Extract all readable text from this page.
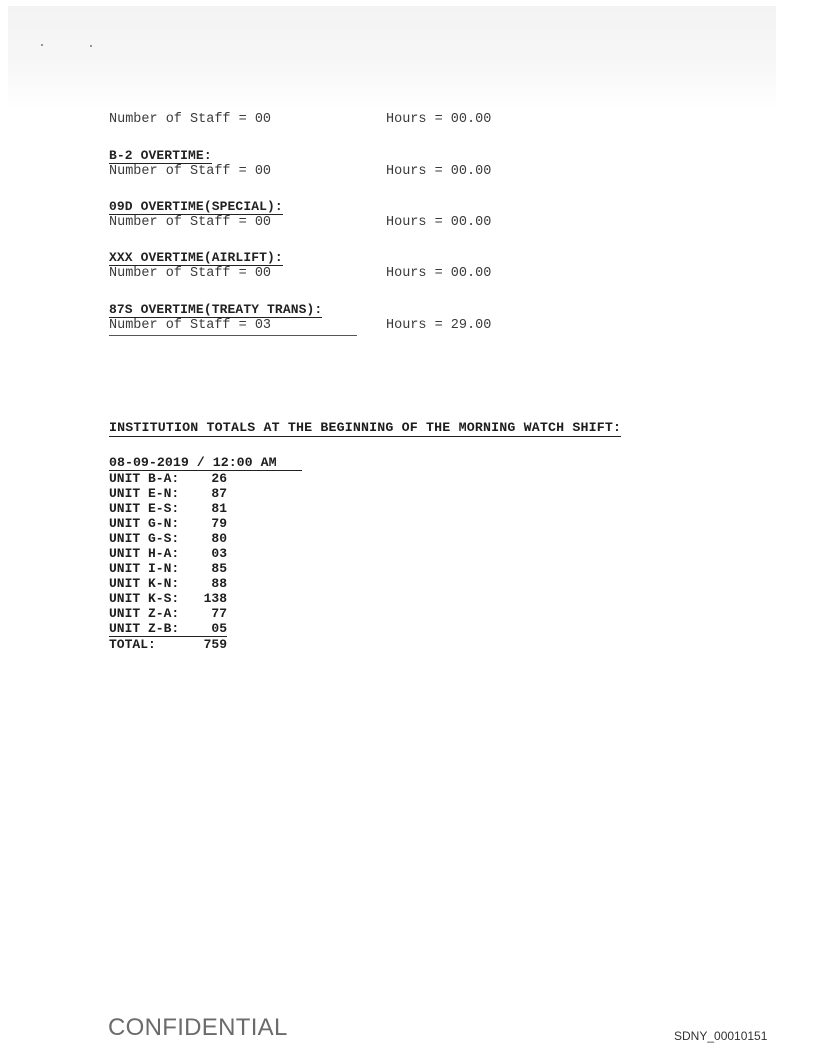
Number of Staff = 00	Hours = 00.00
B-2 OVERTIME:
Number of Staff = 00	Hours = 00.00
09D OVERTIME(SPECIAL):
Number of Staff = 00	Hours = 00.00
XXX OVERTIME(AIRLIFT):
Number of Staff = 00	Hours = 00.00
87S OVERTIME(TREATY TRANS):
Number of Staff = 03	Hours = 29.00
INSTITUTION TOTALS AT THE BEGINNING OF THE MORNING WATCH SHIFT:
08-09-2019 / 12:00 AM
UNIT B-A:	26
UNIT E-N:	87
UNIT E-S:	81
UNIT G-N:	79
UNIT G-S:	80
UNIT H-A:	03
UNIT I-N:	85
UNIT K-N:	88
UNIT K-S:	138
UNIT Z-A:	77
UNIT Z-B:	05
TOTAL:	759
CONFIDENTIAL	SDNY_00010151
